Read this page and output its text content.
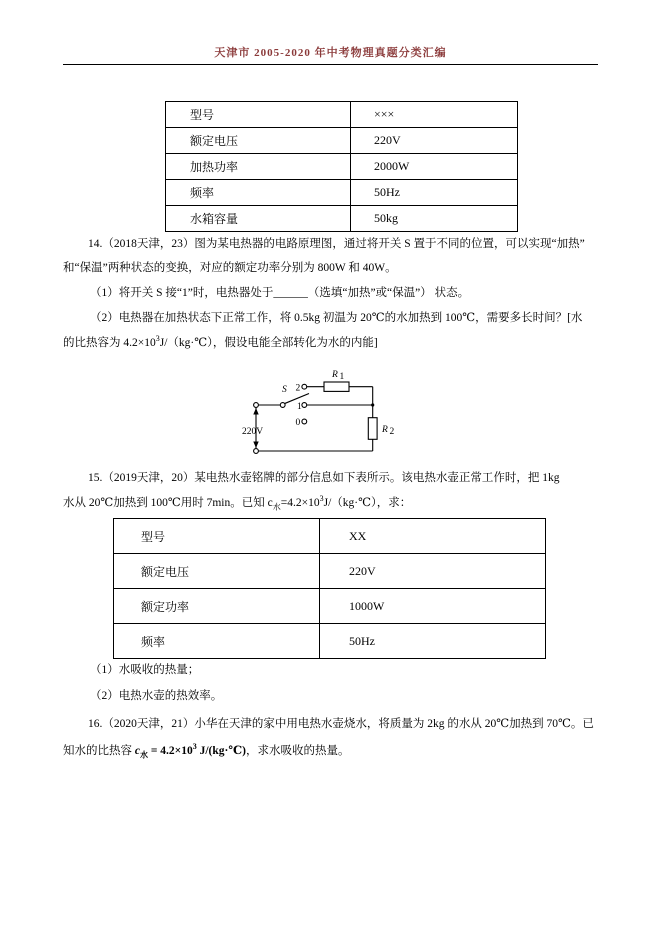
天津市 2005-2020 年中考物理真题分类汇编
型号	×××
额定电压	220V
加热功率	2000W
频率	50Hz
水箱容量	50kg
14.（2018天津，23）图为某电热器的电路原理图，通过将开关 S 置于不同的位置，可以实现“加热”
和“保温”两种状态的变换，对应的额定功率分别为 800W 和 40W。
（1）将开关 S 接“1”时，电热器处于______（选填“加热”或“保温”） 状态。
（2）电热器在加热状态下正常工作，将 0.5kg 初温为 20℃的水加热到 100℃，需要多长时间？[水
的比热容为 $4.2\times 10^3J/(kg\cdot℃)$，假设电能全部转化为水的内能]
220V
S
R 1
R 2
2
1
0
15.（2019天津，20）某电热水壶铭牌的部分信息如下表所示。该电热水壶正常工作时，把 1kg
水从 20℃加热到 100℃用时 7min。已知 $c_水=4.2\times 10^3J/(kg\cdot℃)$，求：
型号	XX
额定电压	220V
额定功率	1000W
频率	50Hz
（1）水吸收的热量；
（2）电热水壶的热效率。
16.（2020天津，21）小华在天津的家中用电热水壶烧水，将质量为 2kg 的水从 20℃加热到 70℃。已
知水的比热容 $c_水 = 4.2\times 10^3$ J/(kg·℃)，求水吸收的热量。
